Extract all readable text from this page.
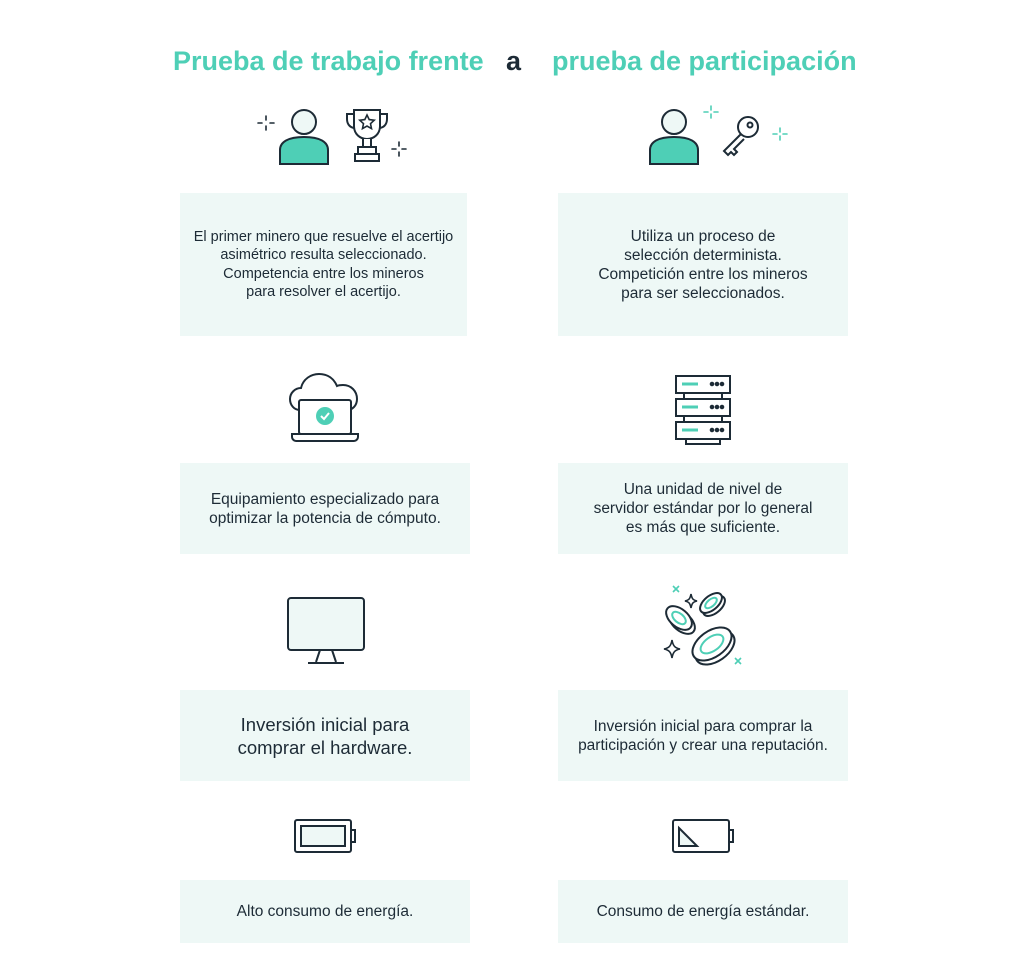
Prueba de trabajo frente a prueba de participación
El primer minero que resuelve el acertijo
asimétrico resulta seleccionado.
Competencia entre los mineros
para resolver el acertijo.
Utiliza un proceso de
selección determinista.
Competición entre los mineros
para ser seleccionados.
Equipamiento especializado para
optimizar la potencia de cómputo.
Una unidad de nivel de
servidor estándar por lo general
es más que suficiente.
Inversión inicial para
comprar el hardware.
Inversión inicial para comprar la
participación y crear una reputación.
Alto consumo de energía.	Consumo de energía estándar.
